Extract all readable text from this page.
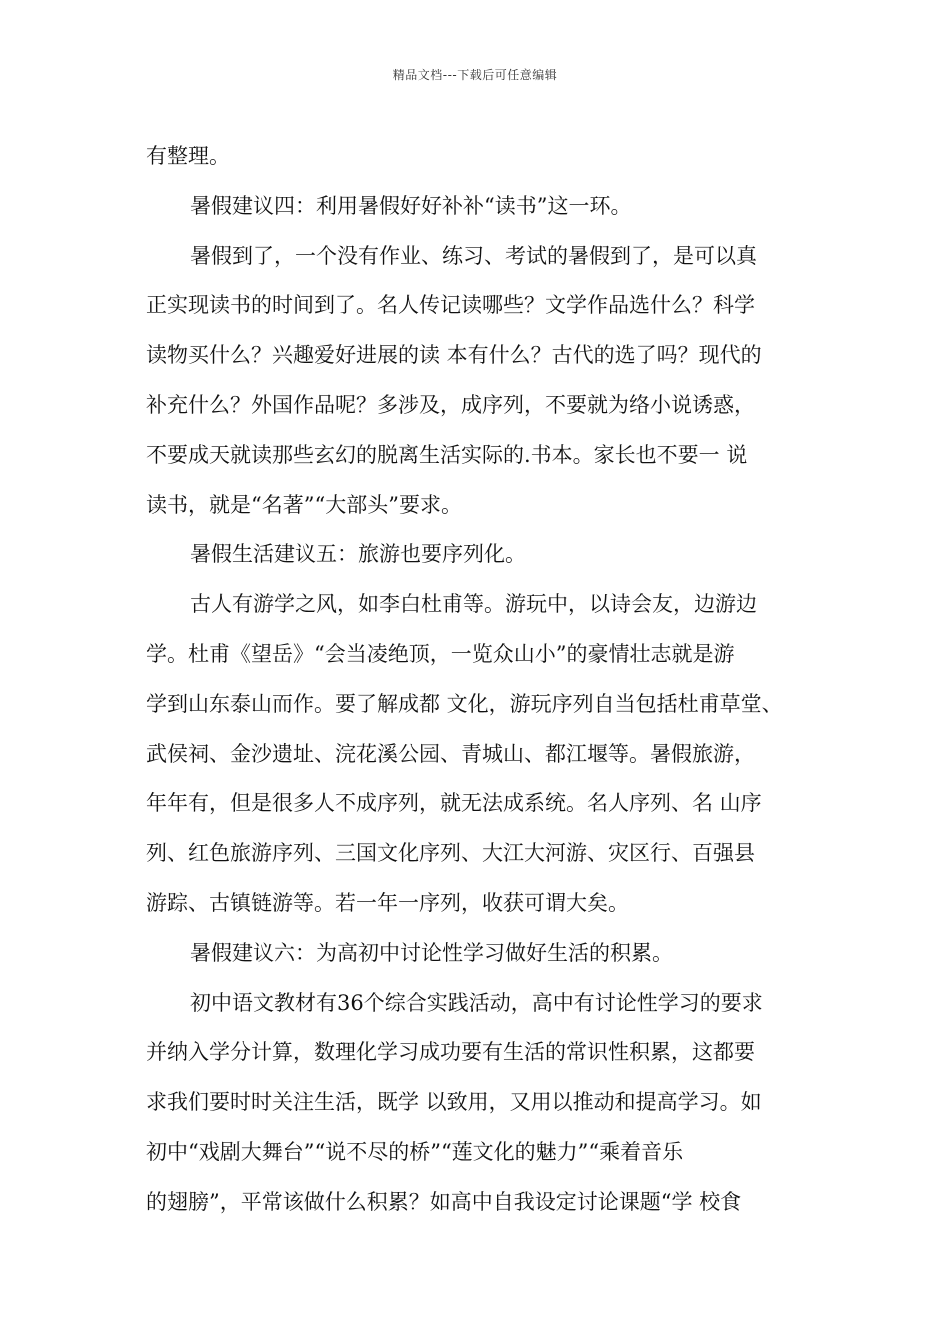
精品文档---下载后可任意编辑
有整理。
暑假建议四：利用暑假好好补补“读书”这一环。
暑假到了，一个没有作业、练习、考试的暑假到了，是可以真
正实现读书的时间到了。名人传记读哪些？文学作品选什么？科学
读物买什么？兴趣爱好进展的读 本有什么？古代的选了吗？现代的
补充什么？外国作品呢？多涉及，成序列，不要就为络小说诱惑，
不要成天就读那些玄幻的脱离生活实际的.书本。家长也不要一 说
读书，就是“名著”“大部头”要求。
暑假生活建议五：旅游也要序列化。
古人有游学之风，如李白杜甫等。游玩中，以诗会友，边游边
学。杜甫《望岳》“会当凌绝顶，一览众山小”的豪情壮志就是游
学到山东泰山而作。要了解成都 文化，游玩序列自当包括杜甫草堂、
武侯祠、金沙遗址、浣花溪公园、青城山、都江堰等。暑假旅游，
年年有，但是很多人不成序列，就无法成系统。名人序列、名 山序
列、红色旅游序列、三国文化序列、大江大河游、灾区行、百强县
游踪、古镇链游等。若一年一序列，收获可谓大矣。
暑假建议六：为高初中讨论性学习做好生活的积累。
初中语文教材有36个综合实践活动，高中有讨论性学习的要求
并纳入学分计算，数理化学习成功要有生活的常识性积累，这都要
求我们要时时关注生活，既学 以致用，又用以推动和提高学习。如
初中“戏剧大舞台”“说不尽的桥”“莲文化的魅力”“乘着音乐
的翅膀”，平常该做什么积累？如高中自我设定讨论课题“学 校食
